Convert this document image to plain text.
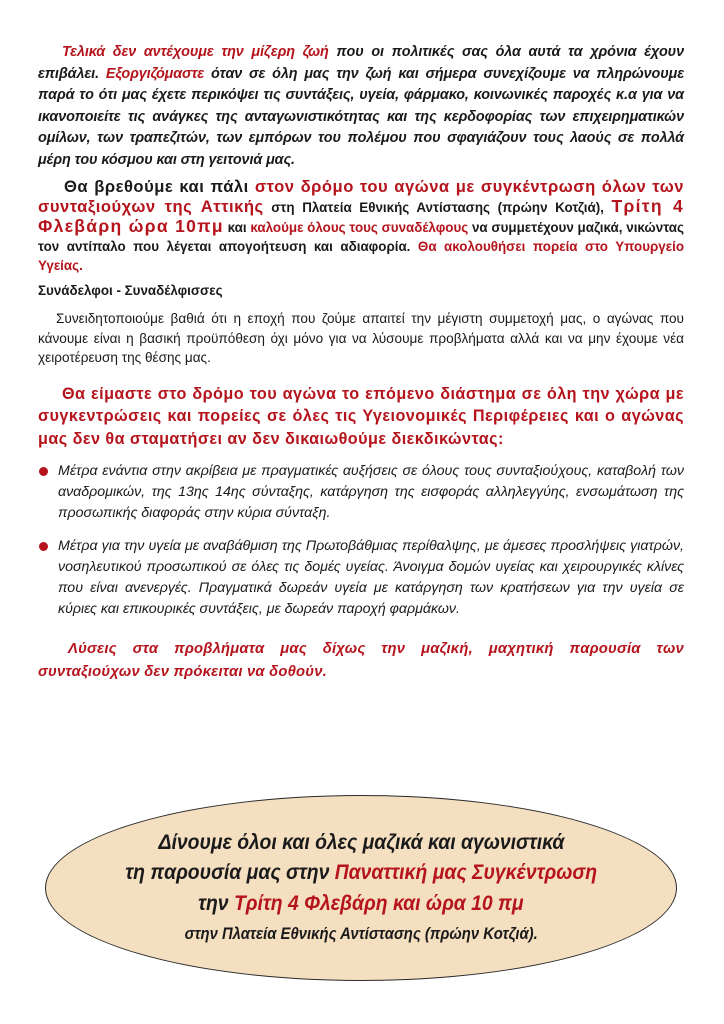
Τελικά δεν αντέχουμε την μίζερη ζωή που οι πολιτικές σας όλα αυτά τα χρόνια έχουν επιβάλει. Εξοργιζόμαστε όταν σε όλη μας την ζωή και σήμερα συνεχίζουμε να πληρώνουμε παρά το ότι μας έχετε περικόψει τις συντάξεις, υγεία, φάρμακο, κοινωνικές παροχές κ.α για να ικανοποιείτε τις ανάγκες της ανταγωνιστικότητας και της κερδοφορίας των επιχειρηματικών ομίλων, των τραπεζιτών, των εμπόρων του πολέμου που σφαγιάζουν τους λαούς σε πολλά μέρη του κόσμου και στη γειτονιά μας.

Θα βρεθούμε και πάλι στον δρόμο του αγώνα με συγκέντρωση όλων των συνταξιούχων της Αττικής στη Πλατεία Εθνικής Αντίστασης (πρώην Κοτζιά), Τρίτη 4 Φλεβάρη ώρα 10πμ και καλούμε όλους τους συναδέλφους να συμμετέχουν μαζικά, νικώντας τον αντίπαλο που λέγεται απογοήτευση και αδιαφορία. Θα ακολουθήσει πορεία στο Υπουργείο Υγείας.

Συνάδελφοι - Συναδέλφισσες

Συνειδητοποιούμε βαθιά ότι η εποχή που ζούμε απαιτεί την μέγιστη συμμετοχή μας, ο αγώνας που κάνουμε είναι η βασική προϋπόθεση όχι μόνο για να λύσουμε προβλήματα αλλά και να μην έχουμε νέα χειροτέρευση της θέσης μας.

Θα είμαστε στο δρόμο του αγώνα το επόμενο διάστημα σε όλη την χώρα με συγκεντρώσεις και πορείες σε όλες τις Υγειονομικές Περιφέρειες και ο αγώνας μας δεν θα σταματήσει αν δεν δικαιωθούμε διεκδικώντας:

Μέτρα ενάντια στην ακρίβεια με πραγματικές αυξήσεις σε όλους τους συνταξιούχους, καταβολή των αναδρομικών, της 13ης 14ης σύνταξης, κατάργηση της εισφοράς αλληλεγγύης, ενσωμάτωση της προσωπικής διαφοράς στην κύρια σύνταξη.
Μέτρα για την υγεία με αναβάθμιση της Πρωτοβάθμιας περίθαλψης, με άμεσες προσλήψεις γιατρών, νοσηλευτικού προσωπικού σε όλες τις δομές υγείας. Άνοιγμα δομών υγείας και χειρουργικές κλίνες που είναι ανενεργές. Πραγματικά δωρεάν υγεία με κατάργηση των κρατήσεων για την υγεία σε κύριες και επικουρικές συντάξεις, με δωρεάν παροχή φαρμάκων.

Λύσεις στα προβλήματα μας δίχως την μαζική, μαχητική παρουσία των συνταξιούχων δεν πρόκειται να δοθούν.

Δίνουμε όλοι και όλες μαζικά και αγωνιστικά
τη παρουσία μας στην Παναττική μας Συγκέντρωση
την Τρίτη 4 Φλεβάρη και ώρα 10 πμ
στην Πλατεία Εθνικής Αντίστασης (πρώην Κοτζιά).
